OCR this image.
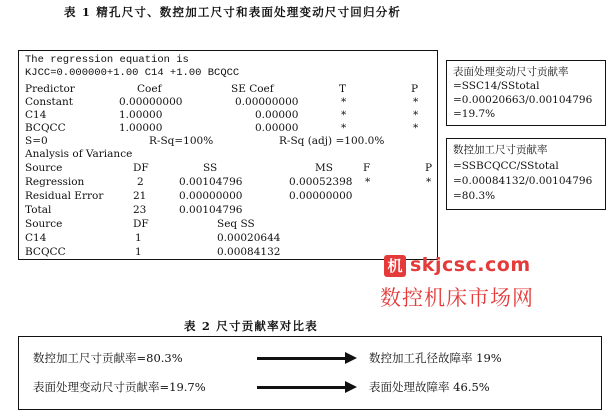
表 1 精孔尺寸、数控加工尺寸和表面处理变动尺寸回归分析
The regression equation is
KJCC=0.000000+1.00 C14 +1.00 BCQCC
Predictor	Coef	SE Coef	T	P
Constant	0.00000000	0.00000000	*	*
C14	1.00000	0.00000	*	*
BCQCC	1.00000	0.00000	*	*
S=0	R-Sq=100%	R-Sq (adj) =100.0%
Analysis of Variance
Source	DF	SS	MS	F	P
Regression	2	0.00104796	0.00052398 *	*
Residual Error	21	0.00000000	0.00000000
Total	23	0.00104796
Source	DF	Seq SS
C14	1	0.00020644
BCQCC	1	0.00084132
表面处理变动尺寸贡献率
=SSC14/SStotal
=0.00020663/0.00104796
=19.7%
数控加工尺寸贡献率
=SSBCQCC/SStotal
=0.00084132/0.00104796
=80.3%
机 skjcsc.com
数控机床市场网
表 2 尺寸贡献率对比表
数控加工尺寸贡献率=80.3%	数控加工孔径故障率 19%
表面处理变动尺寸贡献率=19.7%	表面处理故障率 46.5%
